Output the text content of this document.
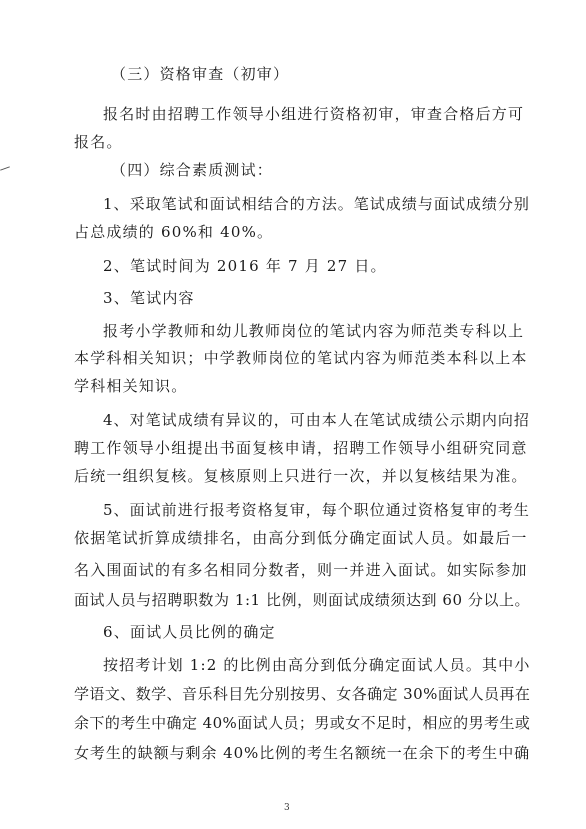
（三）资格审查（初审）
报名时由招聘工作领导小组进行资格初审，审查合格后方可
报名。
（四）综合素质测试：
1、采取笔试和面试相结合的方法。笔试成绩与面试成绩分别
占总成绩的 60%和 40%。
2、笔试时间为 2016 年 7 月 27 日。
3、笔试内容
报考小学教师和幼儿教师岗位的笔试内容为师范类专科以上
本学科相关知识；中学教师岗位的笔试内容为师范类本科以上本
学科相关知识。
4、对笔试成绩有异议的，可由本人在笔试成绩公示期内向招
聘工作领导小组提出书面复核申请，招聘工作领导小组研究同意
后统一组织复核。复核原则上只进行一次，并以复核结果为准。
5、面试前进行报考资格复审，每个职位通过资格复审的考生
依据笔试折算成绩排名，由高分到低分确定面试人员。如最后一
名入围面试的有多名相同分数者，则一并进入面试。如实际参加
面试人员与招聘职数为 1:1 比例，则面试成绩须达到 60 分以上。
6、面试人员比例的确定
按招考计划 1:2 的比例由高分到低分确定面试人员。其中小
学语文、数学、音乐科目先分别按男、女各确定 30%面试人员再在
余下的考生中确定 40%面试人员；男或女不足时，相应的男考生或
女考生的缺额与剩余 40%比例的考生名额统一在余下的考生中确
3
